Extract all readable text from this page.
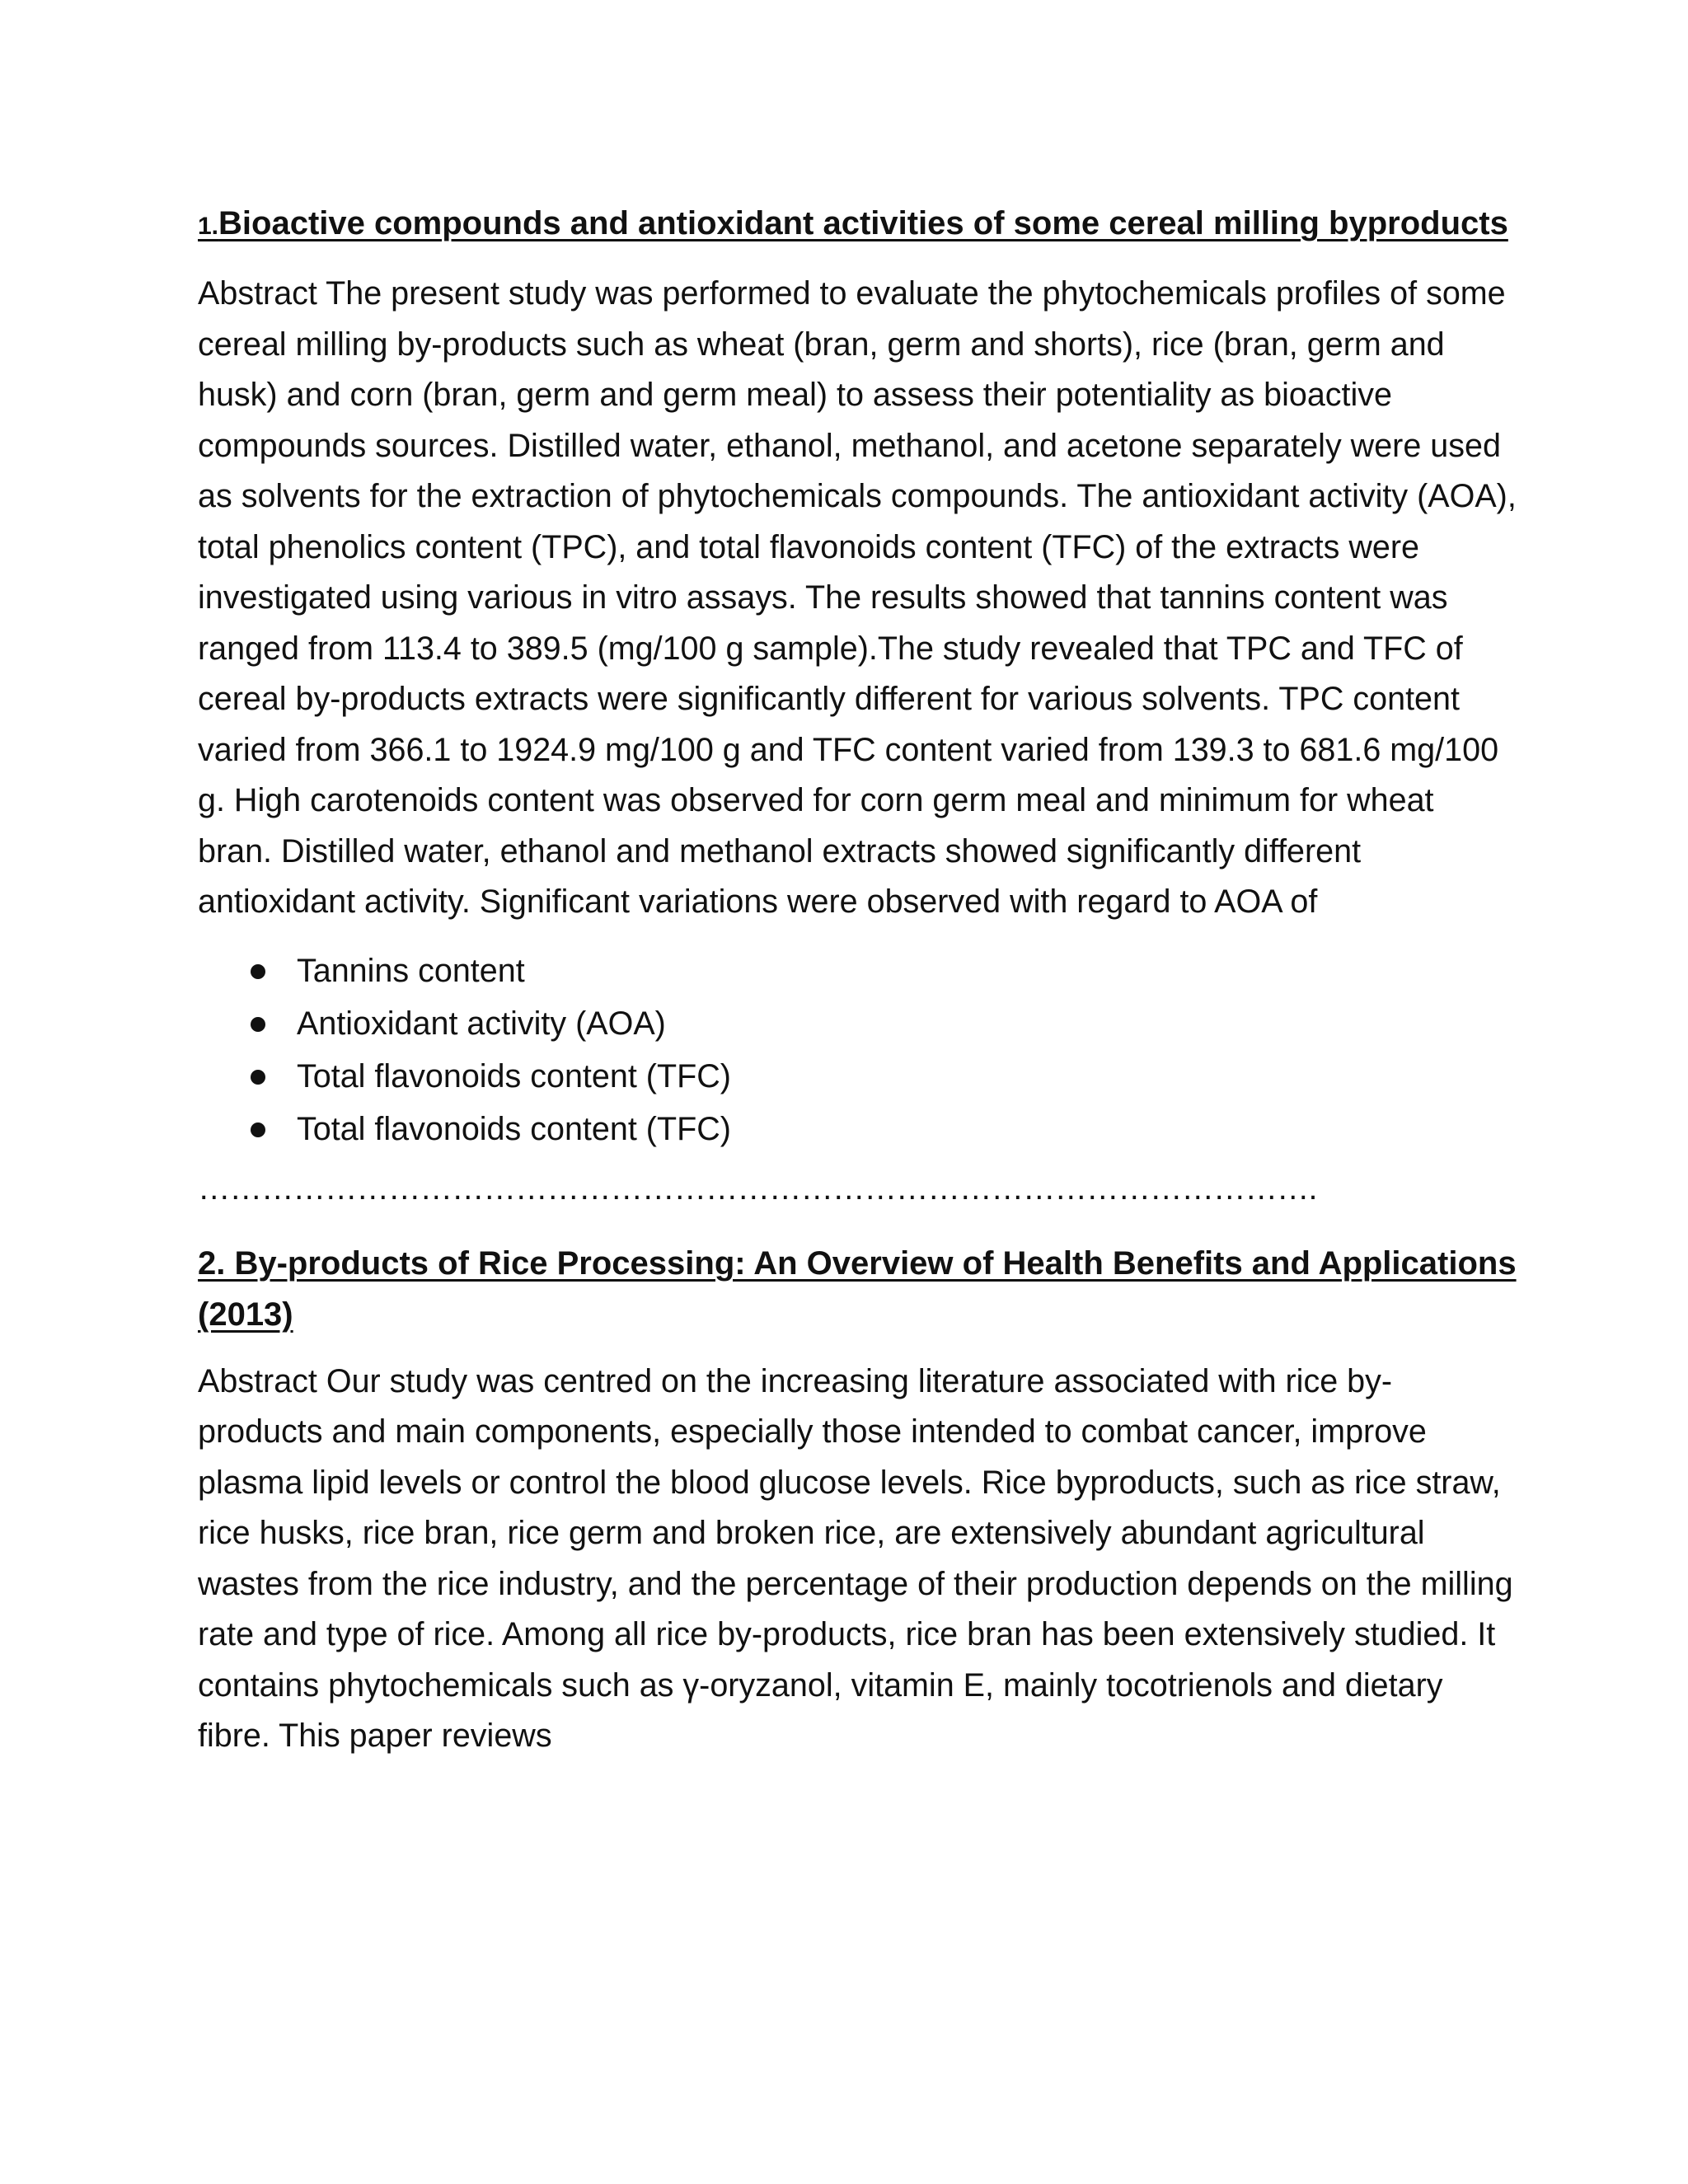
1.Bioactive compounds and antioxidant activities of some cereal milling byproducts
Abstract The present study was performed to evaluate the phytochemicals profiles of some cereal milling by-products such as wheat (bran, germ and shorts), rice (bran, germ and husk) and corn (bran, germ and germ meal) to assess their potentiality as bioactive compounds sources. Distilled water, ethanol, methanol, and acetone separately were used as solvents for the extraction of phytochemicals compounds. The antioxidant activity (AOA), total phenolics content (TPC), and total flavonoids content (TFC) of the extracts were investigated using various in vitro assays. The results showed that tannins content was ranged from 113.4 to 389.5 (mg/100 g sample).The study revealed that TPC and TFC of cereal by-products extracts were significantly different for various solvents. TPC content varied from 366.1 to 1924.9 mg/100 g and TFC content varied from 139.3 to 681.6 mg/100 g. High carotenoids content was observed for corn germ meal and minimum for wheat bran. Distilled water, ethanol and methanol extracts showed significantly different antioxidant activity. Significant variations were observed with regard to AOA of
Tannins content
Antioxidant activity (AOA)
Total flavonoids content (TFC)
Total flavonoids content (TFC)
…………………………………………………………………………………………….
2. By-products of Rice Processing: An Overview of Health Benefits and Applications (2013)
Abstract Our study was centred on the increasing literature associated with rice by-products and main components, especially those intended to combat cancer, improve plasma lipid levels or control the blood glucose levels. Rice byproducts, such as rice straw, rice husks, rice bran, rice germ and broken rice, are extensively abundant agricultural wastes from the rice industry, and the percentage of their production depends on the milling rate and type of rice. Among all rice by-products, rice bran has been extensively studied. It contains phytochemicals such as γ-oryzanol, vitamin E, mainly tocotrienols and dietary fibre. This paper reviews
